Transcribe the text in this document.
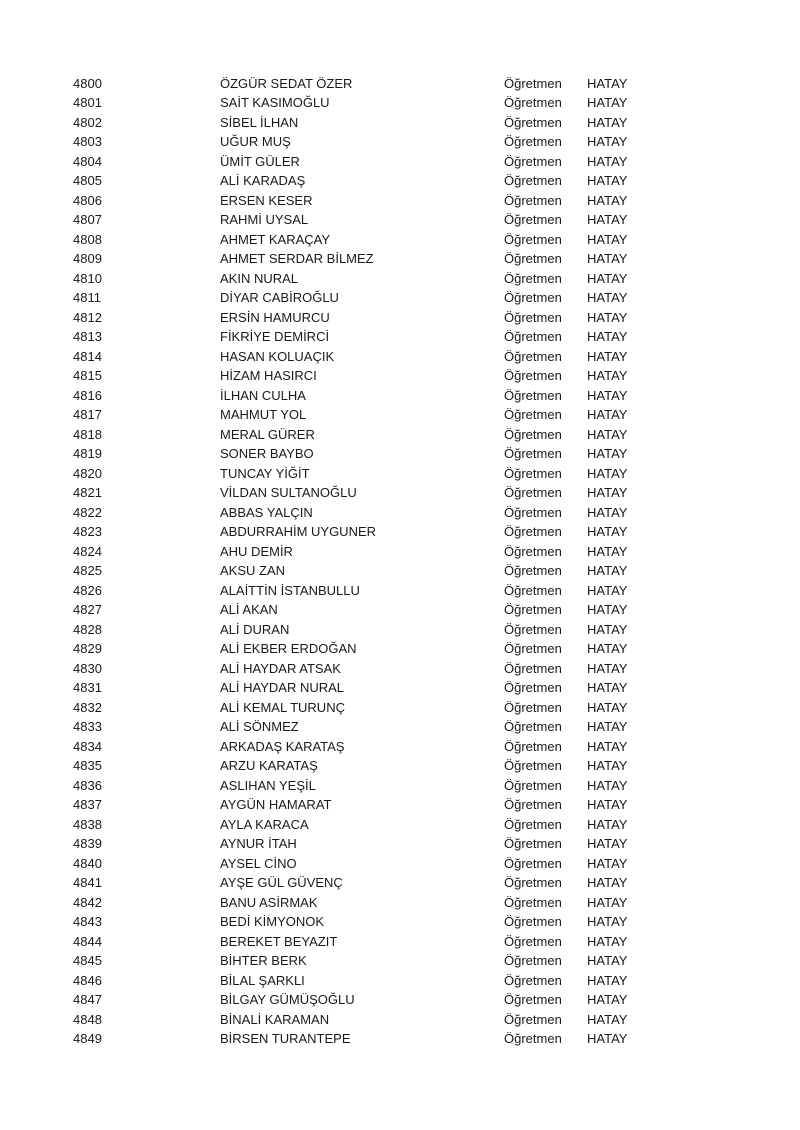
4800	ÖZGÜR SEDAT ÖZER	Öğretmen HATAY
4801	SAİT KASIMOĞLU	Öğretmen HATAY
4802	SİBEL İLHAN	Öğretmen HATAY
4803	UĞUR MUŞ	Öğretmen HATAY
4804	ÜMİT GÜLER	Öğretmen HATAY
4805	ALİ KARADAŞ	Öğretmen HATAY
4806	ERSEN KESER	Öğretmen HATAY
4807	RAHMİ UYSAL	Öğretmen HATAY
4808	AHMET KARAÇAY	Öğretmen HATAY
4809	AHMET SERDAR BİLMEZ	Öğretmen HATAY
4810	AKIN NURAL	Öğretmen HATAY
4811	DİYAR CABİROĞLU	Öğretmen HATAY
4812	ERSİN HAMURCU	Öğretmen HATAY
4813	FİKRİYE DEMİRCİ	Öğretmen HATAY
4814	HASAN KOLUAÇIK	Öğretmen HATAY
4815	HİZAM HASIRCI	Öğretmen HATAY
4816	İLHAN CULHA	Öğretmen HATAY
4817	MAHMUT YOL	Öğretmen HATAY
4818	MERAL GÜRER	Öğretmen HATAY
4819	SONER BAYBO	Öğretmen HATAY
4820	TUNCAY YİĞİT	Öğretmen HATAY
4821	VİLDAN SULTANOĞLU	Öğretmen HATAY
4822	ABBAS YALÇIN	Öğretmen HATAY
4823	ABDURRAHİM UYGUNER	Öğretmen HATAY
4824	AHU DEMİR	Öğretmen HATAY
4825	AKSU ZAN	Öğretmen HATAY
4826	ALAİTTİN İSTANBULLU	Öğretmen HATAY
4827	ALİ AKAN	Öğretmen HATAY
4828	ALİ DURAN	Öğretmen HATAY
4829	ALİ EKBER ERDOĞAN	Öğretmen HATAY
4830	ALİ HAYDAR ATSAK	Öğretmen HATAY
4831	ALİ HAYDAR NURAL	Öğretmen HATAY
4832	ALİ KEMAL TURUNÇ	Öğretmen HATAY
4833	ALİ SÖNMEZ	Öğretmen HATAY
4834	ARKADAŞ KARATAŞ	Öğretmen HATAY
4835	ARZU KARATAŞ	Öğretmen HATAY
4836	ASLIHAN YEŞİL	Öğretmen HATAY
4837	AYGÜN HAMARAT	Öğretmen HATAY
4838	AYLA KARACA	Öğretmen HATAY
4839	AYNUR İTAH	Öğretmen HATAY
4840	AYSEL CİNO	Öğretmen HATAY
4841	AYŞE GÜL GÜVENÇ	Öğretmen HATAY
4842	BANU ASİRMAK	Öğretmen HATAY
4843	BEDİ KİMYONOK	Öğretmen HATAY
4844	BEREKET BEYAZIT	Öğretmen HATAY
4845	BİHTER BERK	Öğretmen HATAY
4846	BİLAL ŞARKLI	Öğretmen HATAY
4847	BİLGAY GÜMÜŞOĞLU	Öğretmen HATAY
4848	BİNALİ KARAMAN	Öğretmen HATAY
4849	BİRSEN TURANTEPE	Öğretmen HATAY
